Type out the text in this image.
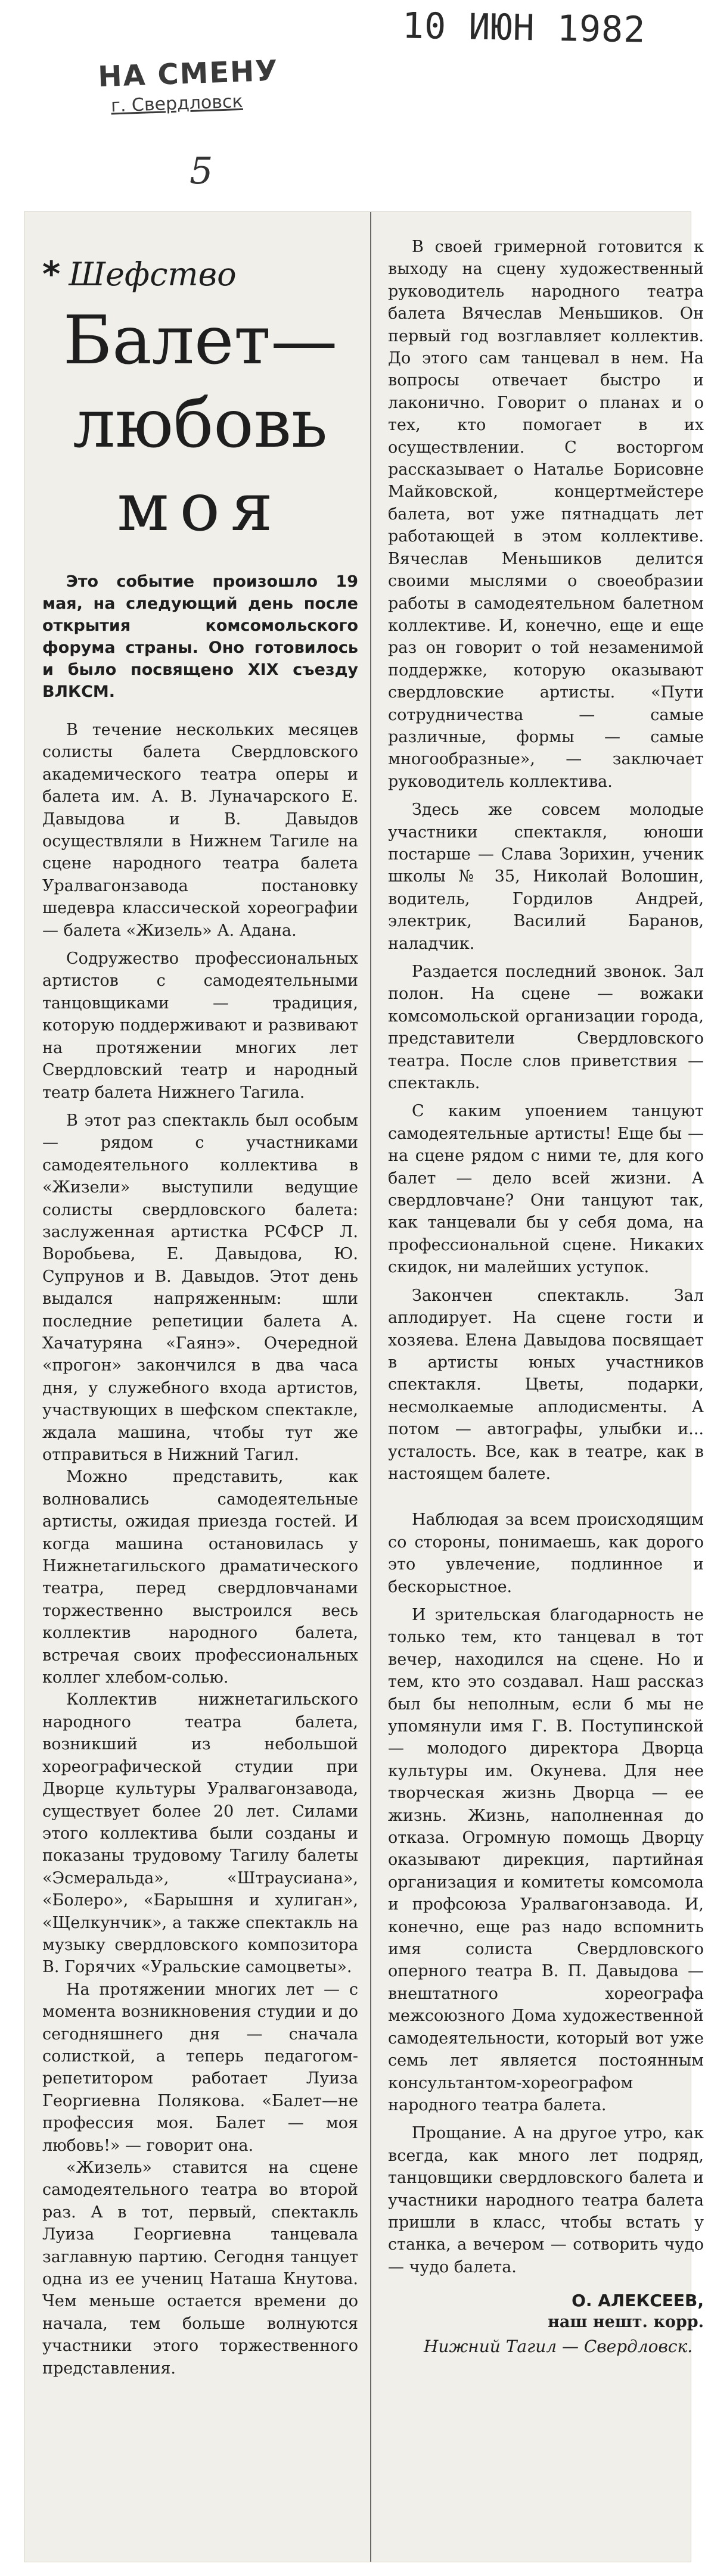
10 ИЮН 1982
НА СМЕНУ
г. Свердловск
5
* Шефство
Балет—
любовь
моя

Это событие произошло 19 мая, на следующий день после открытия комсомольского форума страны. Оно готовилось и было посвящено XIX съезду ВЛКСМ.

В течение нескольких месяцев солисты балета Свердловского академического театра оперы и балета им. А. В. Луначарского Е. Давыдова и В. Давыдов осуществляли в Нижнем Тагиле на сцене народного театра балета Уралвагонзавода постановку шедевра классической хореографии — балета «Жизель» А. Адана.

Содружество профессиональных артистов с самодеятельными танцовщиками — традиция, которую поддерживают и развивают на протяжении многих лет Свердловский театр и народный театр балета Нижнего Тагила.

В этот раз спектакль был особым — рядом с участниками самодеятельного коллектива в «Жизели» выступили ведущие солисты свердловского балета: заслуженная артистка РСФСР Л. Воробьева, Е. Давыдова, Ю. Супрунов и В. Давыдов. Этот день выдался напряженным: шли последние репетиции балета А. Хачатуряна «Гаянэ». Очередной «прогон» закончился в два часа дня, у служебного входа артистов, участвующих в шефском спектакле, ждала машина, чтобы тут же отправиться в Нижний Тагил.

Можно представить, как волновались самодеятельные артисты, ожидая приезда гостей. И когда машина остановилась у Нижнетагильского драматического театра, перед свердловчанами торжественно выстроился весь коллектив народного балета, встречая своих профессиональных коллег хлебом-солью.

Коллектив нижнетагильского народного театра балета, возникший из небольшой хореографической студии при Дворце культуры Уралвагонзавода, существует более 20 лет. Силами этого коллектива были созданы и показаны трудовому Тагилу балеты «Эсмеральда», «Штраусиана», «Болеро», «Барышня и хулиган», «Щелкунчик», а также спектакль на музыку свердловского композитора В. Горячих «Уральские самоцветы».

На протяжении многих лет — с момента возникновения студии и до сегодняшнего дня — сначала солисткой, а теперь педагогом-репетитором работает Луиза Георгиевна Полякова. «Балет—не профессия моя. Балет — моя любовь!» — говорит она.

«Жизель» ставится на сцене самодеятельного театра во второй раз. А в тот, первый, спектакль Луиза Георгиевна танцевала заглавную партию. Сегодня танцует одна из ее учениц Наташа Кнутова. Чем меньше остается времени до начала, тем больше волнуются участники этого торжественного представления.

В своей гримерной готовится к выходу на сцену художественный руководитель народного театра балета Вячеслав Меньшиков. Он первый год возглавляет коллектив. До этого сам танцевал в нем. На вопросы отвечает быстро и лаконично. Говорит о планах и о тех, кто помогает в их осуществлении. С восторгом рассказывает о Наталье Борисовне Майковской, концертмейстере балета, вот уже пятнадцать лет работающей в этом коллективе. Вячеслав Меньшиков делится своими мыслями о своеобразии работы в самодеятельном балетном коллективе. И, конечно, еще и еще раз он говорит о той незаменимой поддержке, которую оказывают свердловские артисты. «Пути сотрудничества — самые различные, формы — самые многообразные», — заключает руководитель коллектива.

Здесь же совсем молодые участники спектакля, юноши постарше — Слава Зорихин, ученик школы № 35, Николай Волошин, водитель, Гордилов Андрей, электрик, Василий Баранов, наладчик.

Раздается последний звонок. Зал полон. На сцене — вожаки комсомольской организации города, представители Свердловского театра. После слов приветствия — спектакль.

С каким упоением танцуют самодеятельные артисты! Еще бы — на сцене рядом с ними те, для кого балет — дело всей жизни. А свердловчане? Они танцуют так, как танцевали бы у себя дома, на профессиональной сцене. Никаких скидок, ни малейших уступок.

Закончен спектакль. Зал аплодирует. На сцене гости и хозяева. Елена Давыдова посвящает в артисты юных участников спектакля. Цветы, подарки, несмолкаемые аплодисменты. А потом — автографы, улыбки и... усталость. Все, как в театре, как в настоящем балете.

Наблюдая за всем происходящим со стороны, понимаешь, как дорого это увлечение, подлинное и бескорыстное.

И зрительская благодарность не только тем, кто танцевал в тот вечер, находился на сцене. Но и тем, кто это создавал. Наш рассказ был бы неполным, если б мы не упомянули имя Г. В. Поступинской — молодого директора Дворца культуры им. Окунева. Для нее творческая жизнь Дворца — ее жизнь. Жизнь, наполненная до отказа. Огромную помощь Дворцу оказывают дирекция, партийная организация и комитеты комсомола и профсоюза Уралвагонзавода. И, конечно, еще раз надо вспомнить имя солиста Свердловского оперного театра В. П. Давыдова — внештатного хореографа межсоюзного Дома художественной самодеятельности, который вот уже семь лет является постоянным консультантом-хореографом народного театра балета.

Прощание. А на другое утро, как всегда, как много лет подряд, танцовщики свердловского балета и участники народного театра балета пришли в класс, чтобы встать у станка, а вечером — сотворить чудо — чудо балета.

О. АЛЕКСЕЕВ,
наш нешт. корр.
Нижний Тагил — Свердловск.
